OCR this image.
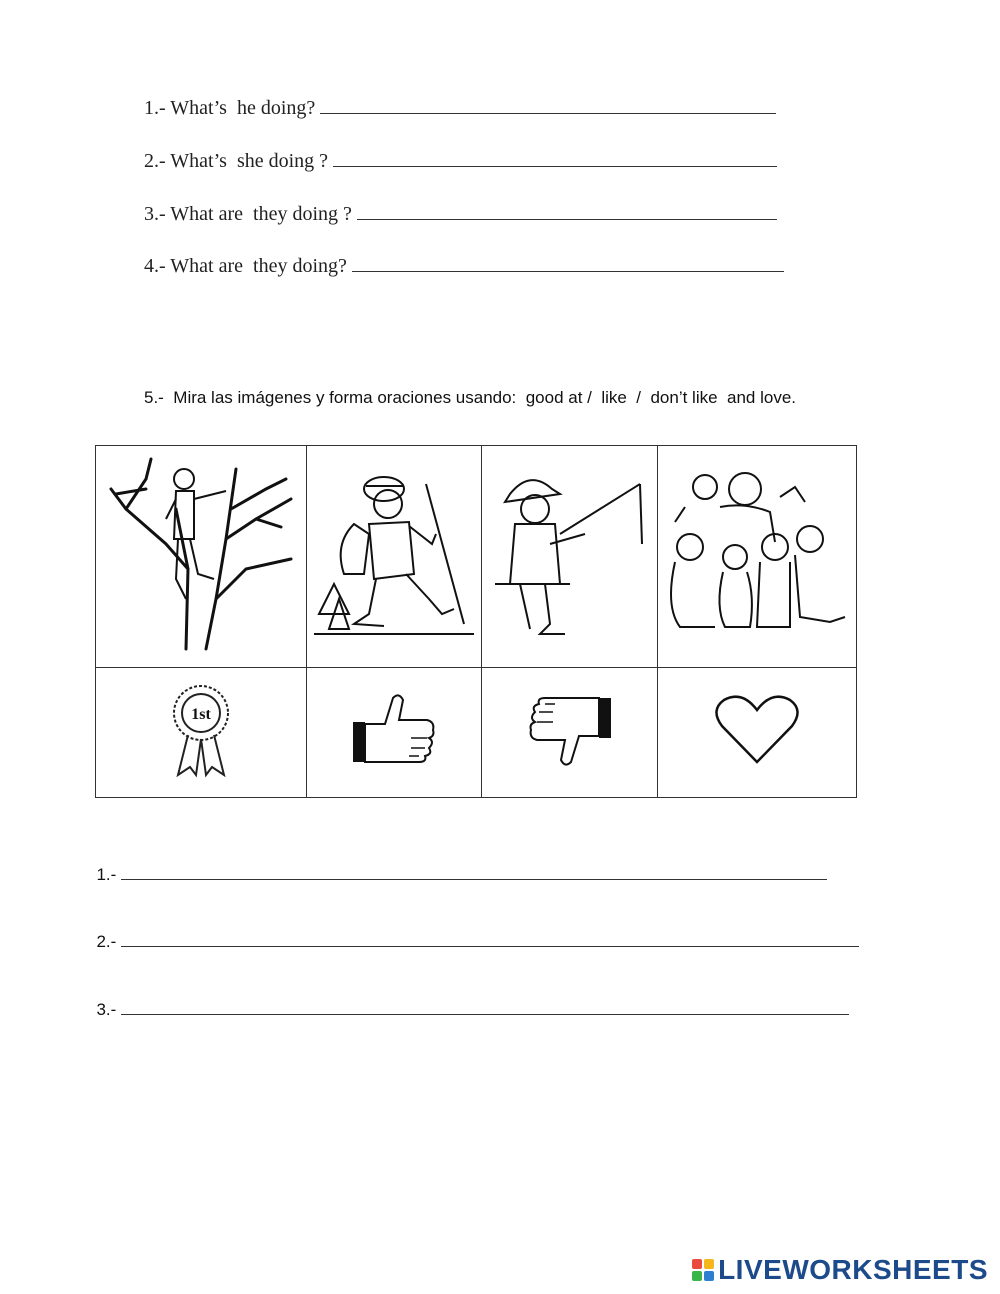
1.- What’s  he doing?

2.- What’s  she doing ?

3.- What are  they doing ?

4.- What are  they doing?

5.-  Mira las imágenes y forma oraciones usando:  good at /  like  /  don’t like  and love.

1st

1.-

2.-

3.-

LIVEWORKSHEETS
